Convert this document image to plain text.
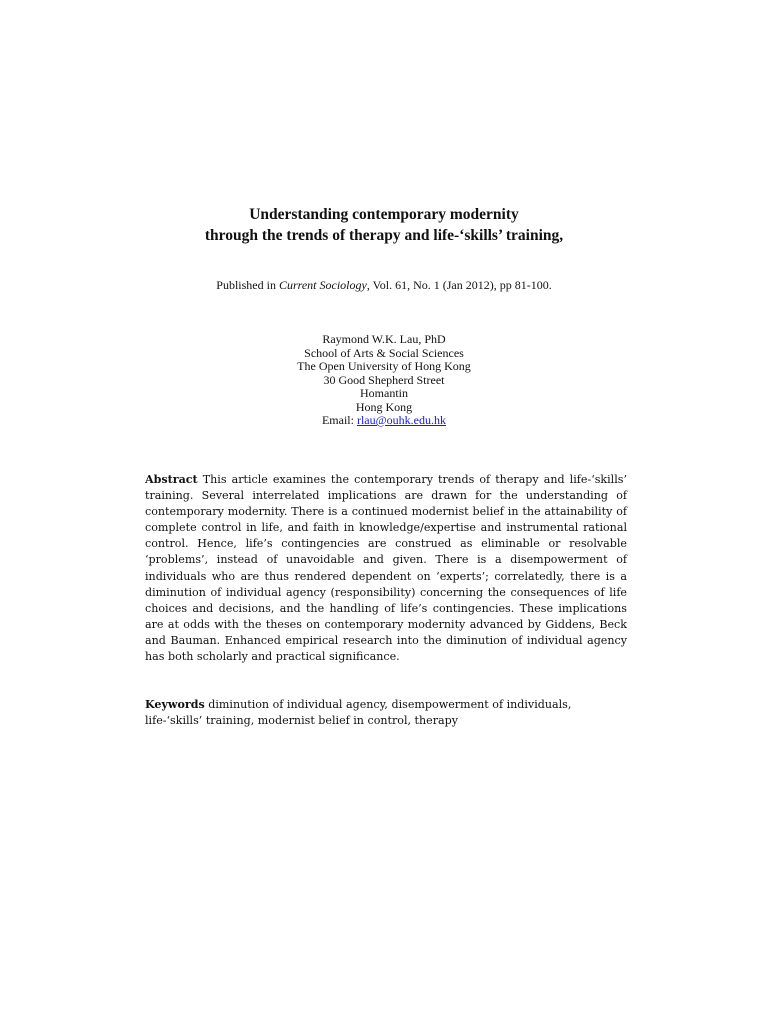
Understanding contemporary modernity
through the trends of therapy and life-‘skills’ training,
Published in Current Sociology, Vol. 61, No. 1 (Jan 2012), pp 81-100.
Raymond W.K. Lau, PhD
School of Arts & Social Sciences
The Open University of Hong Kong
30 Good Shepherd Street
Homantin
Hong Kong
Email: rlau@ouhk.edu.hk

Abstract This article examines the contemporary trends of therapy and life-‘skills’ training. Several interrelated implications are drawn for the understanding of contemporary modernity. There is a continued modernist belief in the attainability of complete control in life, and faith in knowledge/expertise and instrumental rational control. Hence, life’s contingencies are construed as eliminable or resolvable ‘problems’, instead of unavoidable and given. There is a disempowerment of individuals who are thus rendered dependent on ‘experts’; correlatedly, there is a diminution of individual agency (responsibility) concerning the consequences of life choices and decisions, and the handling of life’s contingencies. These implications are at odds with the theses on contemporary modernity advanced by Giddens, Beck and Bauman. Enhanced empirical research into the diminution of individual agency has both scholarly and practical significance.

Keywords diminution of individual agency, disempowerment of individuals, life-‘skills’ training, modernist belief in control, therapy
